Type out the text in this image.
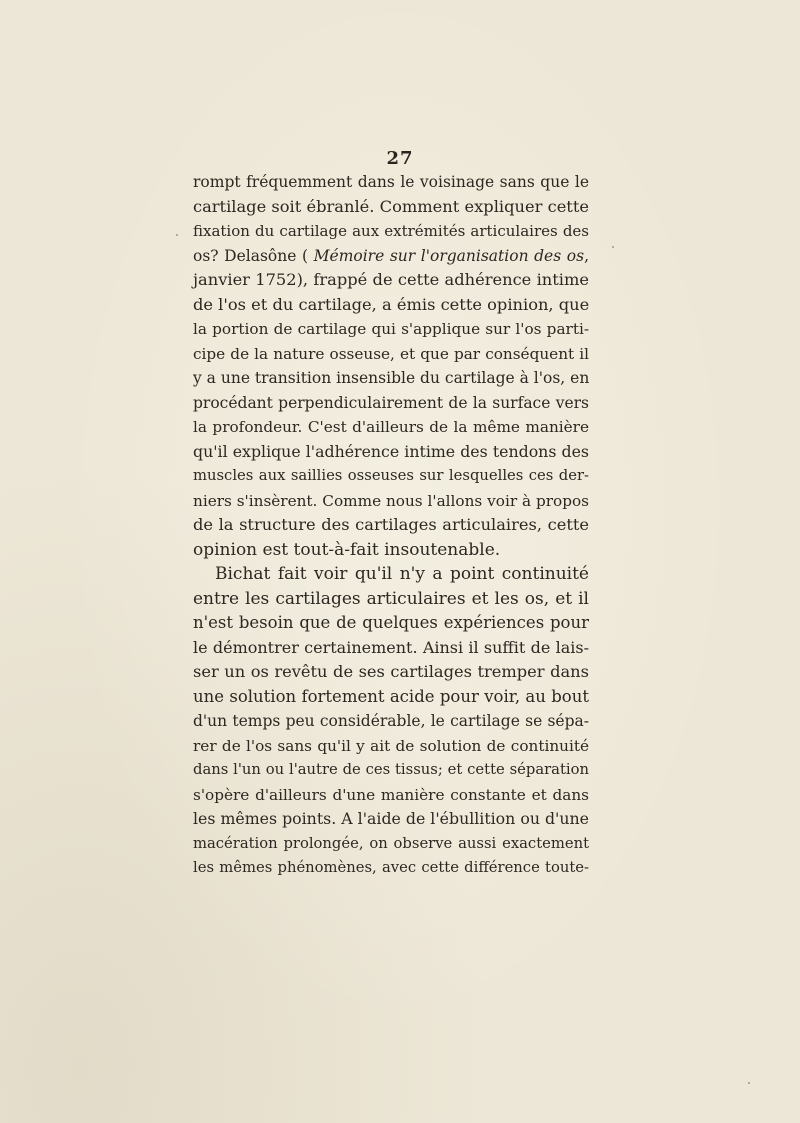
27
rompt fréquemment dans le voisinage sans que le
cartilage soit ébranlé. Comment expliquer cette
fixation du cartilage aux extrémités articulaires des
os? Delasône ( Mémoire sur l'organisation des os,
janvier 1752), frappé de cette adhérence intime
de l'os et du cartilage, a émis cette opinion, que
la portion de cartilage qui s'applique sur l'os parti-
cipe de la nature osseuse, et que par conséquent il
y a une transition insensible du cartilage à l'os, en
procédant perpendiculairement de la surface vers
la profondeur. C'est d'ailleurs de la même manière
qu'il explique l'adhérence intime des tendons des
muscles aux saillies osseuses sur lesquelles ces der-
niers s'insèrent. Comme nous l'allons voir à propos
de la structure des cartilages articulaires, cette
opinion est tout-à-fait insoutenable.
Bichat fait voir qu'il n'y a point continuité
entre les cartilages articulaires et les os, et il
n'est besoin que de quelques expériences pour
le démontrer certainement. Ainsi il suffit de lais-
ser un os revêtu de ses cartilages tremper dans
une solution fortement acide pour voir, au bout
d'un temps peu considérable, le cartilage se sépa-
rer de l'os sans qu'il y ait de solution de continuité
dans l'un ou l'autre de ces tissus; et cette séparation
s'opère d'ailleurs d'une manière constante et dans
les mêmes points. A l'aide de l'ébullition ou d'une
macération prolongée, on observe aussi exactement
les mêmes phénomènes, avec cette différence toute-
